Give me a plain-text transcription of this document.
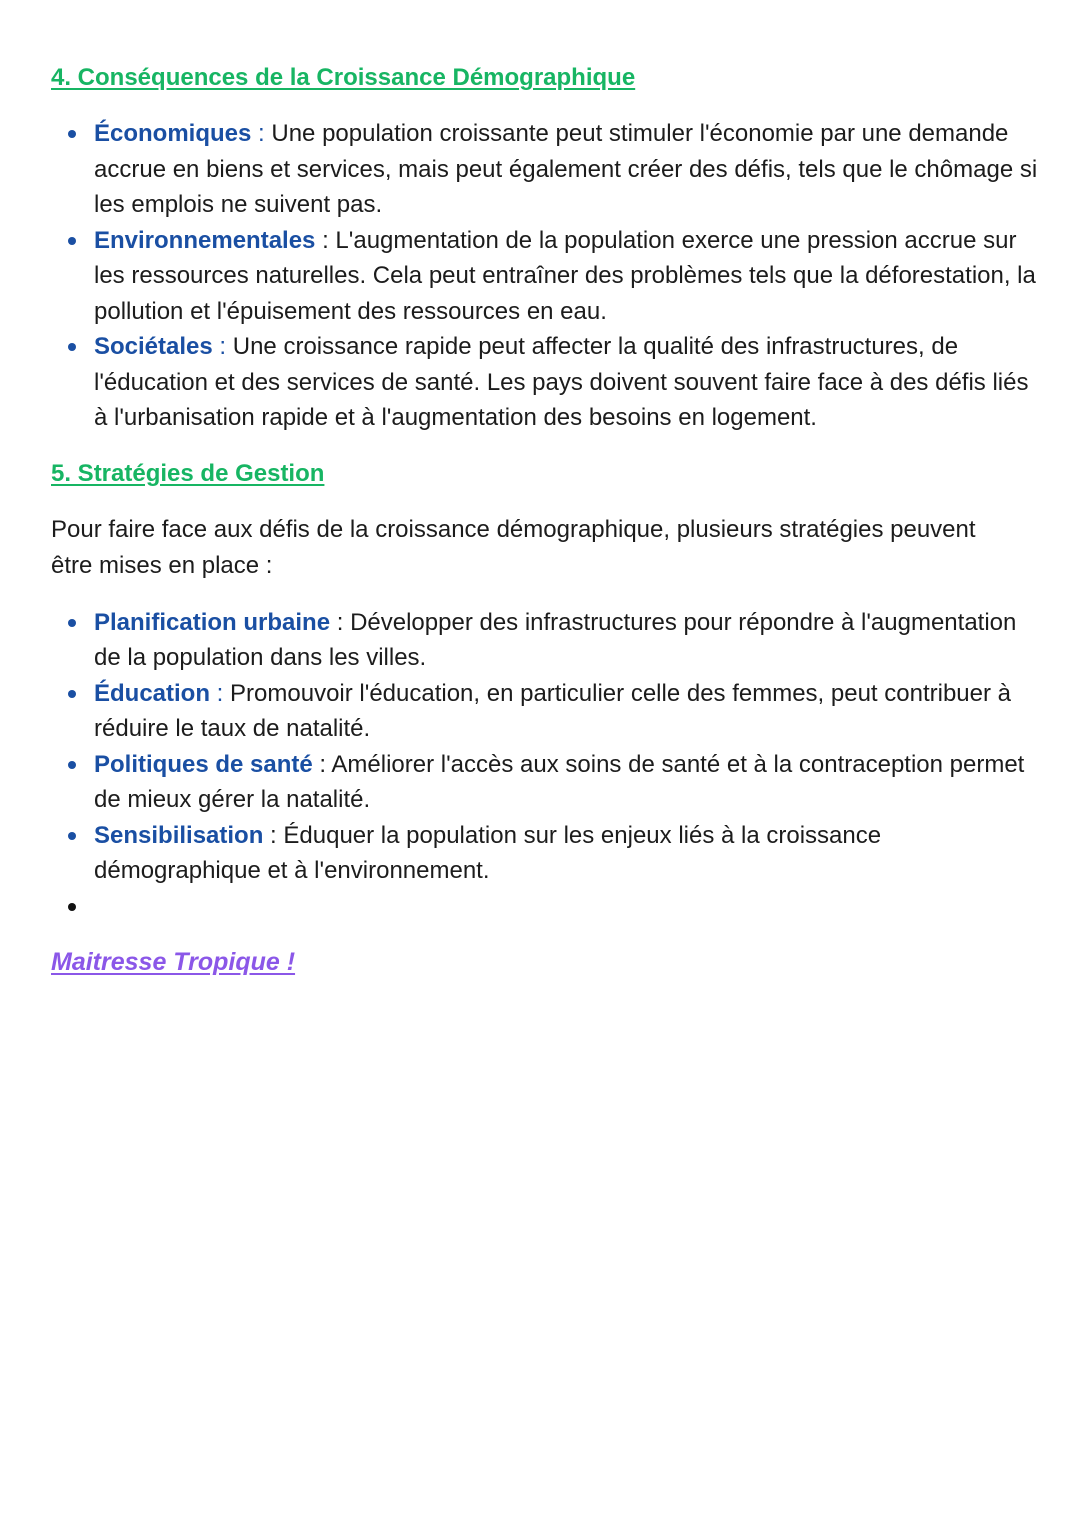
4. Conséquences de la Croissance Démographique
Économiques : Une population croissante peut stimuler l'économie par une demande accrue en biens et services, mais peut également créer des défis, tels que le chômage si les emplois ne suivent pas.
Environnementales : L'augmentation de la population exerce une pression accrue sur les ressources naturelles. Cela peut entraîner des problèmes tels que la déforestation, la pollution et l'épuisement des ressources en eau.
Sociétales : Une croissance rapide peut affecter la qualité des infrastructures, de l'éducation et des services de santé. Les pays doivent souvent faire face à des défis liés à l'urbanisation rapide et à l'augmentation des besoins en logement.
5. Stratégies de Gestion

Pour faire face aux défis de la croissance démographique, plusieurs stratégies peuvent être mises en place :

Planification urbaine : Développer des infrastructures pour répondre à l'augmentation de la population dans les villes.
Éducation : Promouvoir l'éducation, en particulier celle des femmes, peut contribuer à réduire le taux de natalité.
Politiques de santé : Améliorer l'accès aux soins de santé et à la contraception permet de mieux gérer la natalité.
Sensibilisation : Éduquer la population sur les enjeux liés à la croissance démographique et à l'environnement.

Maitresse Tropique !
